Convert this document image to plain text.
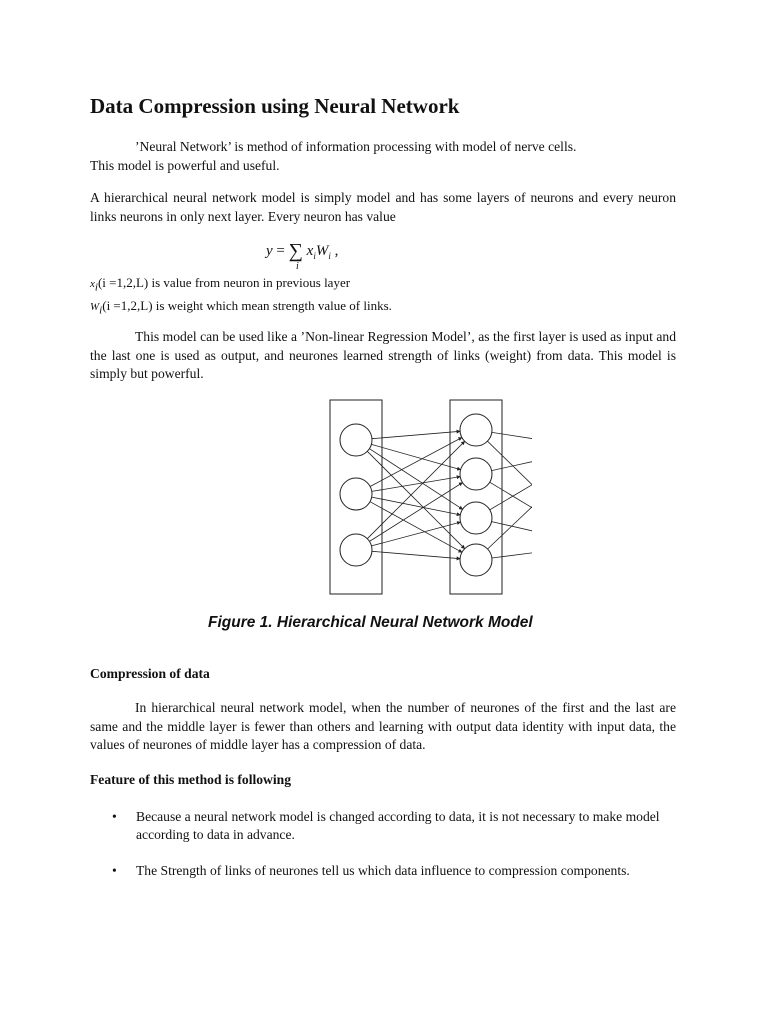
Data Compression using Neural Network
’Neural Network’ is method of information processing with model of nerve cells.
This model is powerful and useful.

A hierarchical neural network model is simply model and has some layers of neurons and every neuron links neurons in only next layer. Every neuron has value

y = ∑ $x_iW_i$ ,
i
$x_i(i =1,2,L)$ is value from neuron in previous layer
$W_i(i =1,2,L)$ is weight which mean strength value of links.

This model can be used like a ’Non-linear Regression Model’, as the first layer is used as input and the last one is used as output, and neurones learned strength of links (weight) from data. This model is simply but powerful.

Figure 1. Hierarchical Neural Network Model
Compression of data

In hierarchical neural network model, when the number of neurones of the first and the last are same and the middle layer is fewer than others and learning with output data identity with input data, the values of neurones of middle layer has a compression of data.

Feature of this method is following
• Because a neural network model is changed according to data, it is not necessary to make model according to data in advance.
• The Strength of links of neurones tell us which data influence to compression components.
